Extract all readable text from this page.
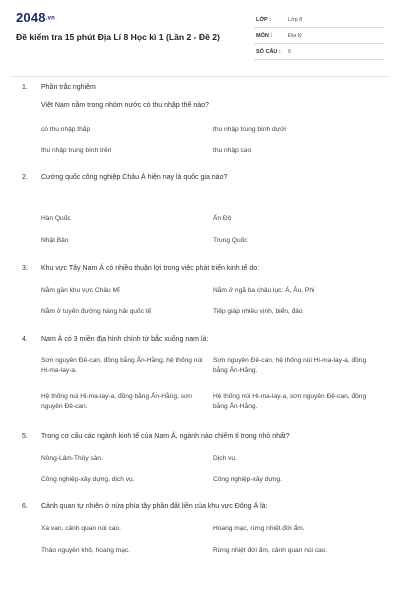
2048.vn
Đề kiểm tra 15 phút Địa Lí 8 Học kì 1 (Lần 2 - Đề 2)
LỚP :	Lớp 8
MÔN :	Địa lý
SỐ CÂU : 6
1. Phần trắc nghiệm
Việt Nam nằm trong nhóm nước có thu nhập thế nào?
có thu nhập thấp	thu nhập trung bình dưới
thu nhập trung bình trên	thu nhập cao
2. Cường quốc công nghiệp Châu Á hiện nay là quốc gia nào?
Hàn Quốc	Ấn Độ
Nhật Bản	Trung Quốc
3. Khu vực Tây Nam Á có nhiều thuận lợi trong việc phát triển kinh tế do:
Nằm gần khu vực Châu Mĩ	Nằm ở ngã ba châu lục: Á, Âu, Phi
Nằm ở tuyến đường hàng hải quốc tế	Tiếp giáp nhiều vịnh, biển, đảo
4. Nam Á có 3 miền địa hình chính từ bắc xuống nam là:
Sơn nguyên Đê-can, đồng bằng Ấn-Hằng, hệ thống núi Hi-ma-lay-a.
Sơn nguyên Đê-can, hệ thống núi Hi-ma-lay-a, đồng bằng Ấn-Hằng.
Hệ thống núi Hi-ma-lay-a, đồng bằng Ấn-Hằng, sơn nguyên Đê-can.
Hệ thống núi Hi-ma-lay-a, sơn nguyên Đê-can, đồng bằng Ấn-Hằng.
5. Trong cơ cấu các ngành kinh tế của Nam Á, ngành nào chiếm tỉ trọng nhỏ nhất?
Nông-Lâm-Thủy sản.	Dịch vụ.
Công nghiệp-xây dựng, dịch vụ.	Công nghiệp-xây dựng.
6. Cảnh quan tự nhiên ở nửa phía tây phần đất liền của khu vực Đông Á là:
Xa van, cảnh quan núi cao.	Hoang mạc, rừng nhiệt đới ẩm.
Thảo nguyên khô, hoang mạc.	Rừng nhiệt đới ẩm, cảnh quan núi cao.
